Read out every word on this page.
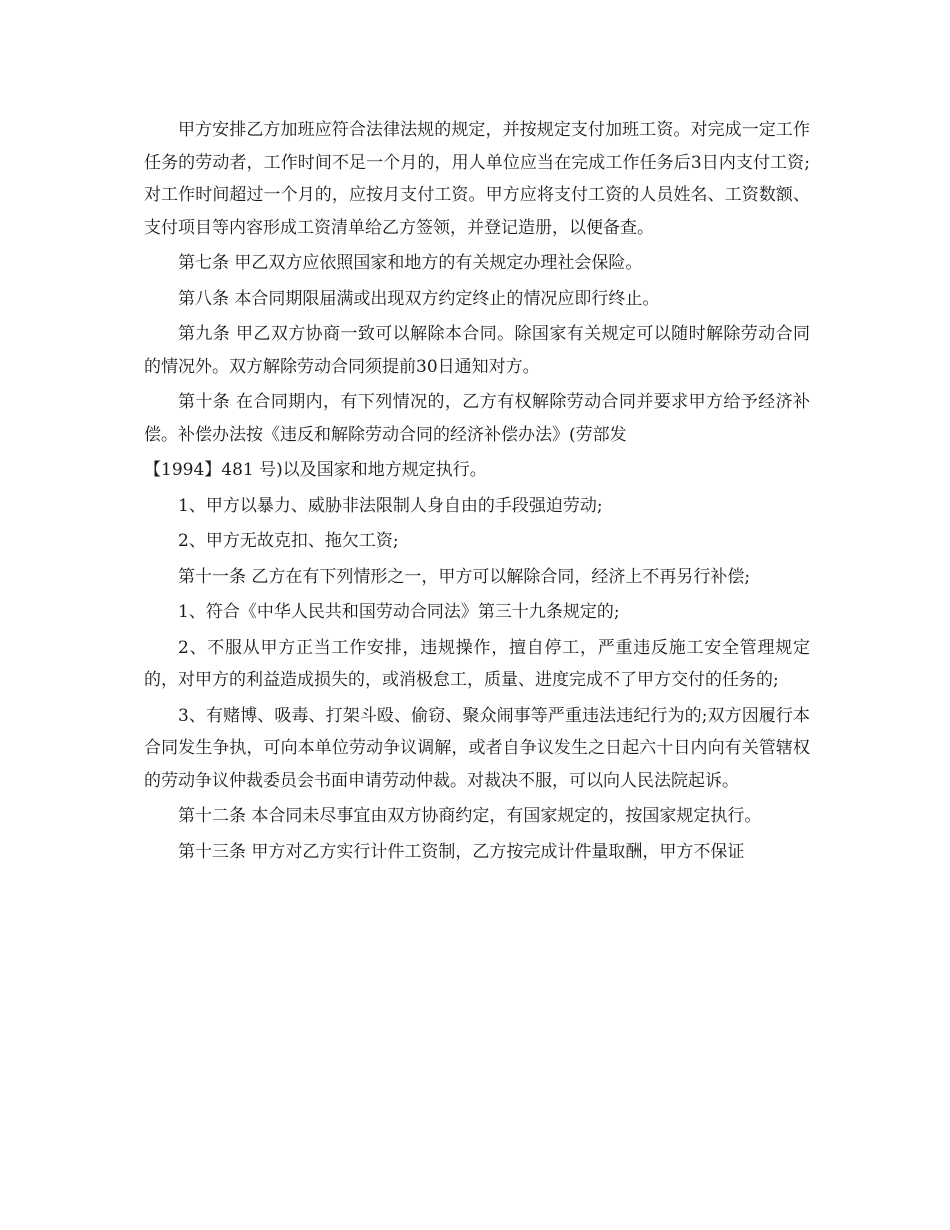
甲方安排乙方加班应符合法律法规的规定，并按规定支付加班工资。对完成一定工作任务的劳动者，工作时间不足一个月的，用人单位应当在完成工作任务后3日内支付工资;对工作时间超过一个月的，应按月支付工资。甲方应将支付工资的人员姓名、工资数额、支付项目等内容形成工资清单给乙方签领，并登记造册，以便备查。

第七条 甲乙双方应依照国家和地方的有关规定办理社会保险。

第八条 本合同期限届满或出现双方约定终止的情况应即行终止。

第九条 甲乙双方协商一致可以解除本合同。除国家有关规定可以随时解除劳动合同的情况外。双方解除劳动合同须提前30日通知对方。

第十条 在合同期内，有下列情况的，乙方有权解除劳动合同并要求甲方给予经济补偿。补偿办法按《违反和解除劳动合同的经济补偿办法》(劳部发

【1994】481 号)以及国家和地方规定执行。

1、甲方以暴力、威胁非法限制人身自由的手段强迫劳动;

2、甲方无故克扣、拖欠工资;

第十一条 乙方在有下列情形之一，甲方可以解除合同，经济上不再另行补偿;

1、符合《中华人民共和国劳动合同法》第三十九条规定的;

2、不服从甲方正当工作安排，违规操作，擅自停工，严重违反施工安全管理规定的，对甲方的利益造成损失的，或消极怠工，质量、进度完成不了甲方交付的任务的;

3、有赌博、吸毒、打架斗殴、偷窃、聚众闹事等严重违法违纪行为的;双方因履行本合同发生争执，可向本单位劳动争议调解，或者自争议发生之日起六十日内向有关管辖权的劳动争议仲裁委员会书面申请劳动仲裁。对裁决不服，可以向人民法院起诉。

第十二条 本合同未尽事宜由双方协商约定，有国家规定的，按国家规定执行。

第十三条 甲方对乙方实行计件工资制，乙方按完成计件量取酬，甲方不保证
